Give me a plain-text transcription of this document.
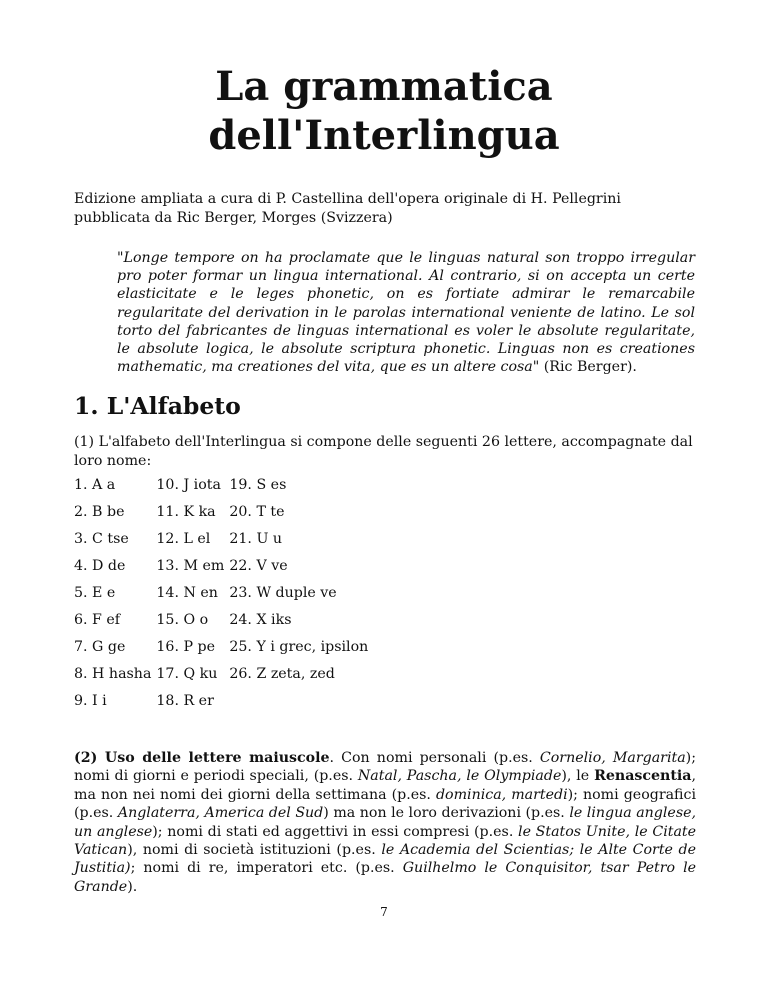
La grammatica
dell'Interlingua
Edizione ampliata a cura di P. Castellina dell'opera originale di H. Pellegrini pubblicata da Ric Berger, Morges (Svizzera)
"Longe tempore on ha proclamate que le linguas natural son troppo irregular pro poter formar un lingua international. Al contrario, si on accepta un certe elasticitate e le leges phonetic, on es fortiate admirar le remarcabile regularitate del derivation in le parolas international veniente de latino. Le sol torto del fabricantes de linguas international es voler le absolute regularitate, le absolute logica, le absolute scriptura phonetic. Linguas non es creationes mathematic, ma creationes del vita, que es un altere cosa" (Ric Berger).
1. L'Alfabeto
(1) L'alfabeto dell'Interlingua si compone delle seguenti 26 lettere, accompagnate dal loro nome:
1. A a	10. J iota	19. S es
2. B be	11. K ka	20. T te
3. C tse	12. L el	21. U u
4. D de	13. M em	22. V ve
5. E e	14. N en	23. W duple ve
6. F ef	15. O o	24. X iks
7. G ge	16. P pe	25. Y i grec, ipsilon
8. H hasha	17. Q ku	26. Z zeta, zed
9. I i	18. R er	
(2) Uso delle lettere maiuscole. Con nomi personali (p.es. Cornelio, Margarita); nomi di giorni e periodi speciali, (p.es. Natal, Pascha, le Olympiade), le Renascentia, ma non nei nomi dei giorni della settimana (p.es. dominica, martedi); nomi geografici (p.es. Anglaterra, America del Sud) ma non le loro derivazioni (p.es. le lingua anglese, un anglese); nomi di stati ed aggettivi in essi compresi (p.es. le Statos Unite, le Citate Vatican), nomi di società istituzioni (p.es. le Academia del Scientias; le Alte Corte de Justitia); nomi di re, imperatori etc. (p.es. Guilhelmo le Conquisitor, tsar Petro le Grande).
7
